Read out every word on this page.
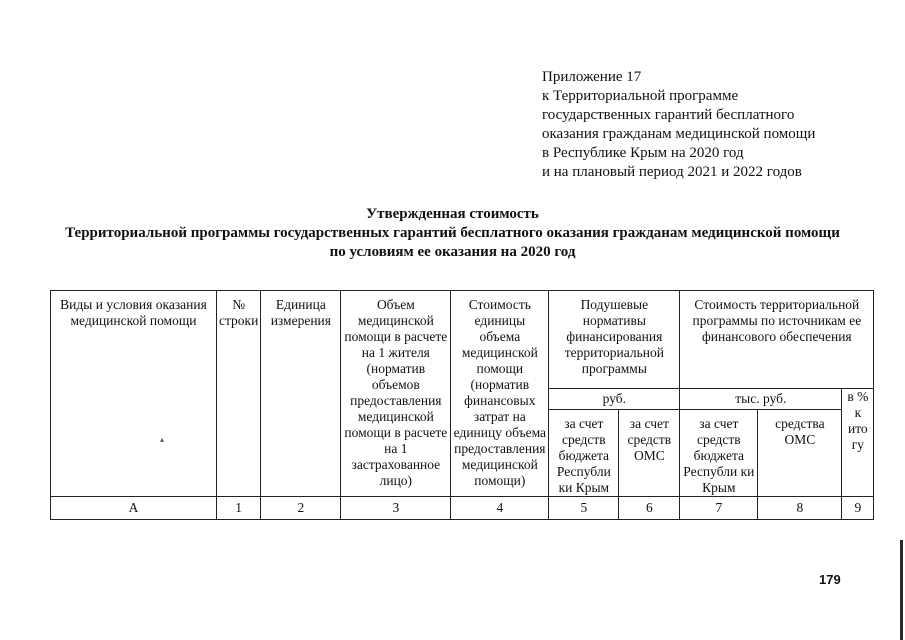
Приложение 17
к Территориальной программе
государственных гарантий бесплатного
оказания гражданам медицинской помощи
в Республике Крым на 2020 год
и на плановый период 2021 и 2022 годов
Утвержденная стоимость
Территориальной программы государственных гарантий бесплатного оказания гражданам медицинской помощи
по условиям ее оказания на 2020 год
Виды и условия оказания медицинской помощи	№ строки	Единица измерения	Объем медицинской помощи в расчете на 1 жителя (норматив объемов предоставления медицинской помощи в расчете на 1 застрахованное лицо)	Стоимость единицы объема медицинской помощи (норматив финансовых затрат на единицу объема предоставления медицинской помощи)	Подушевые нормативы финансирования территориальной программы		Стоимость территориальной программы по источникам ее финансового обеспечения		
					руб.		тыс. руб.		в % к ито гу
					за счет средств бюджета Республи ки Крым	за счет средств ОМС	за счет средств бюджета Республи ки Крым	средства ОМС	
А	1	2	3	4	5	6	7	8	9
▴
179
